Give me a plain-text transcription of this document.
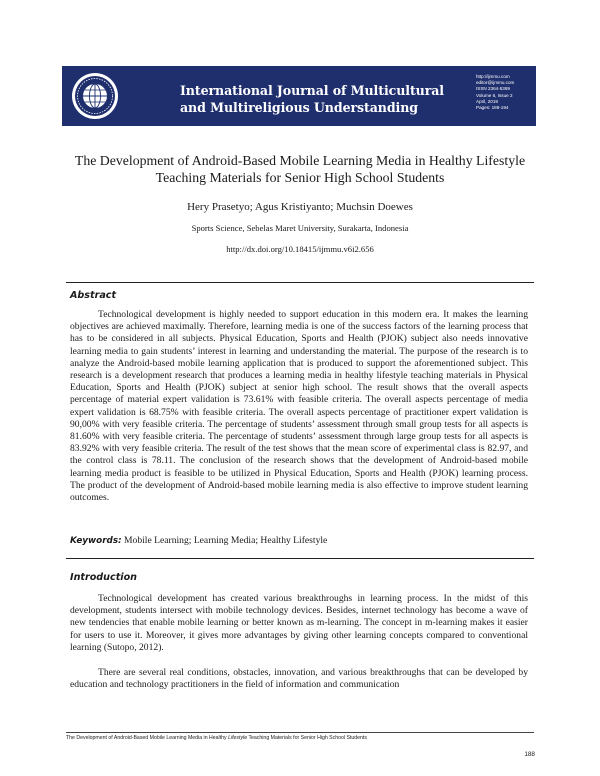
International Journal of Multicultural
and Multireligious Understanding
http://ijmmu.com
editor@ijmmu.com
ISSN 2364-5369
Volume 6, Issue 2
April, 2019
Pages: 188-194
The Development of Android-Based Mobile Learning Media in Healthy Lifestyle
Teaching Materials for Senior High School Students
Hery Prasetyo; Agus Kristiyanto; Muchsin Doewes
Sports Science, Sebelas Maret University, Surakarta, Indonesia
http://dx.doi.org/10.18415/ijmmu.v6i2.656
Abstract
Technological development is highly needed to support education in this modern era. It makes the learning objectives are achieved maximally. Therefore, learning media is one of the success factors of the learning process that has to be considered in all subjects. Physical Education, Sports and Health (PJOK) subject also needs innovative learning media to gain students’ interest in learning and understanding the material. The purpose of the research is to analyze the Android-based mobile learning application that is produced to support the aforementioned subject. This research is a development research that produces a learning media in healthy lifestyle teaching materials in Physical Education, Sports and Health (PJOK) subject at senior high school. The result shows that the overall aspects percentage of material expert validation is 73.61% with feasible criteria. The overall aspects percentage of media expert validation is 68.75% with feasible criteria. The overall aspects percentage of practitioner expert validation is 90,00% with very feasible criteria. The percentage of students’ assessment through small group tests for all aspects is 81.60% with very feasible criteria. The percentage of students’ assessment through large group tests for all aspects is 83.92% with very feasible criteria. The result of the test shows that the mean score of experimental class is 82.97, and the control class is 78.11. The conclusion of the research shows that the development of Android-based mobile learning media product is feasible to be utilized in Physical Education, Sports and Health (PJOK) learning process. The product of the development of Android-based mobile learning media is also effective to improve student learning outcomes.
Keywords: Mobile Learning; Learning Media; Healthy Lifestyle
Introduction
Technological development has created various breakthroughs in learning process. In the midst of this development, students intersect with mobile technology devices. Besides, internet technology has become a wave of new tendencies that enable mobile learning or better known as m-learning. The concept in m-learning makes it easier for users to use it. Moreover, it gives more advantages by giving other learning concepts compared to conventional learning (Sutopo, 2012).
There are several real conditions, obstacles, innovation, and various breakthroughs that can be developed by education and technology practitioners in the field of information and communication
The Development of Android-Based Mobile Learning Media in Healthy Lifestyle Teaching Materials for Senior High School Students
188
